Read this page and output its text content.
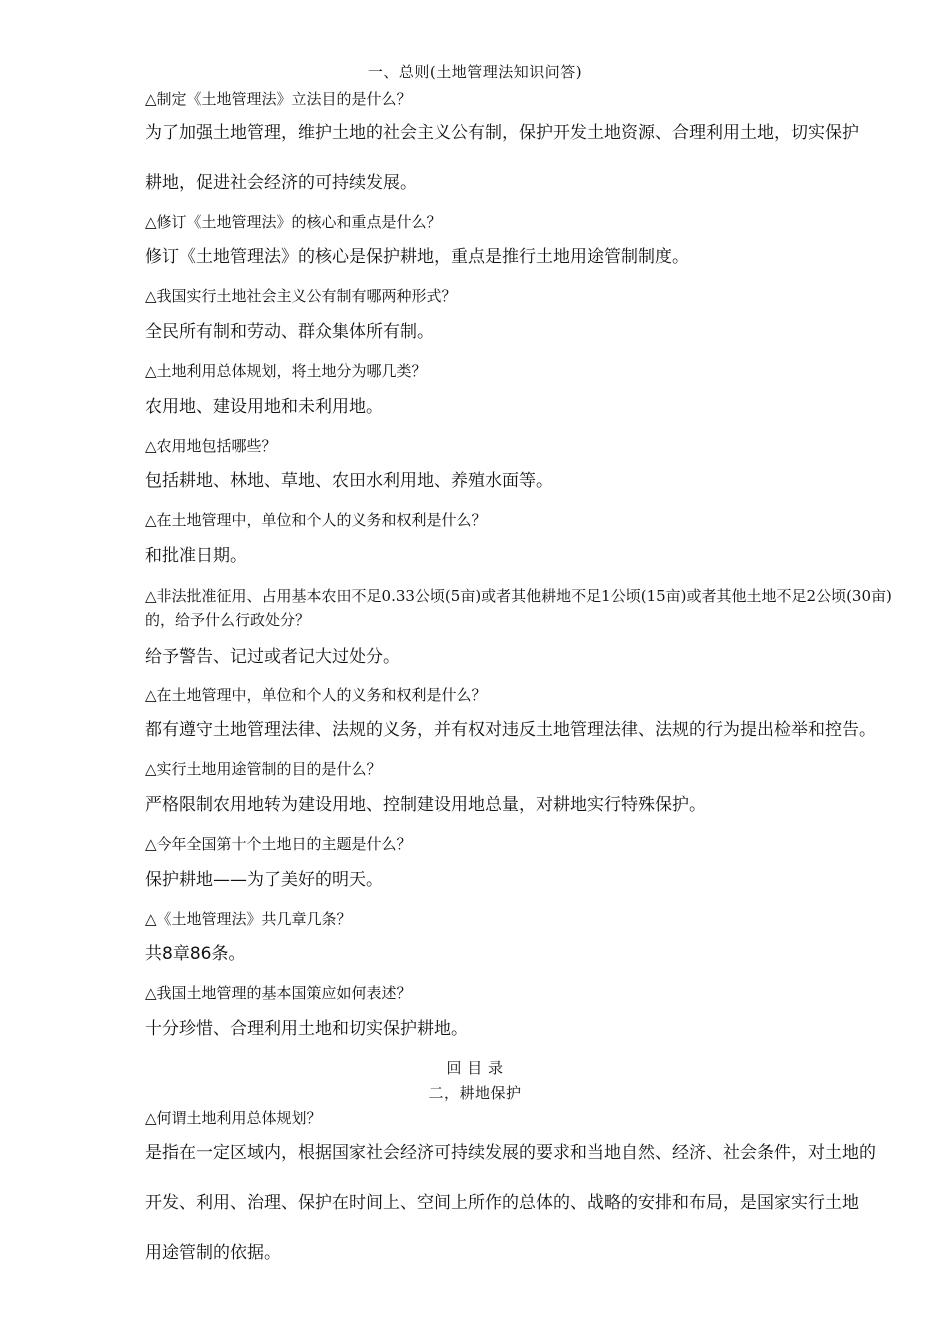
一、总则(土地管理法知识问答)
△制定《土地管理法》立法目的是什么？
为了加强土地管理，维护土地的社会主义公有制，保护开发土地资源、合理利用土地，切实保护
耕地，促进社会经济的可持续发展。
△修订《土地管理法》的核心和重点是什么？
修订《土地管理法》的核心是保护耕地，重点是推行土地用途管制制度。
△我国实行土地社会主义公有制有哪两种形式？
全民所有制和劳动、群众集体所有制。
△土地利用总体规划，将土地分为哪几类？
农用地、建设用地和未利用地。
△农用地包括哪些？
包括耕地、林地、草地、农田水利用地、养殖水面等。
△在土地管理中，单位和个人的义务和权利是什么？
和批准日期。
△非法批准征用、占用基本农田不足0.33公顷(5亩)或者其他耕地不足1公顷(15亩)或者其他土地不足2公顷(30亩)的，给予什么行政处分？
给予警告、记过或者记大过处分。
△在土地管理中，单位和个人的义务和权利是什么？
都有遵守土地管理法律、法规的义务，并有权对违反土地管理法律、法规的行为提出检举和控告。
△实行土地用途管制的目的是什么？
严格限制农用地转为建设用地、控制建设用地总量，对耕地实行特殊保护。
△今年全国第十个土地日的主题是什么？
保护耕地——为了美好的明天。
△《土地管理法》共几章几条？
共8章86条。
△我国土地管理的基本国策应如何表述？
十分珍惜、合理利用土地和切实保护耕地。
回 目 录
二，耕地保护
△何谓土地利用总体规划？
是指在一定区域内，根据国家社会经济可持续发展的要求和当地自然、经济、社会条件，对土地的
开发、利用、治理、保护在时间上、空间上所作的总体的、战略的安排和布局，是国家实行土地
用途管制的依据。
